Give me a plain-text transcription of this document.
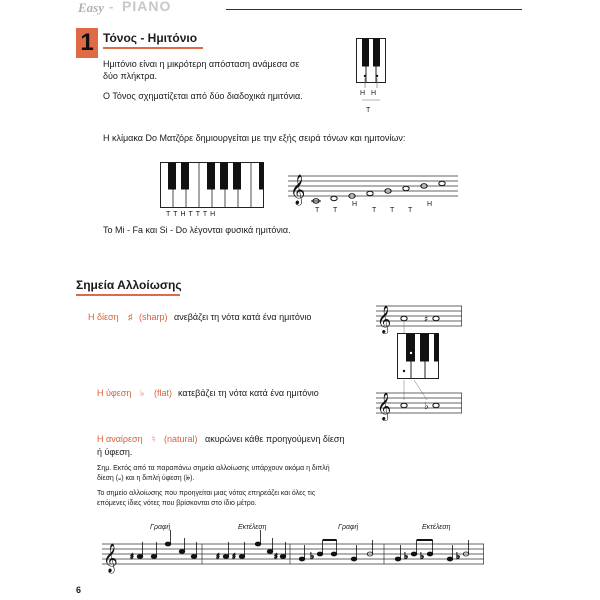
Easy - PIANO
1 Τόνος - Ημιτόνιο
Ημιτόνιο είναι η μικρότερη απόσταση ανάμεσα σε
δύο πλήκτρα.
Ο Τόνος σχηματίζεται από δύο διαδοχικά ημιτόνια.	H H
T
Η κλίμακα Do Ματζόρε δημιουργείται με την εξής σειρά τόνων και ημιτονίων:
T T H T T T H
𝄞
T T
H
T T T
H
Το Mi - Fa και Si - Do λέγονται φυσικά ημιτόνια.
Σημεία Αλλοίωσης
Η δίεση ♯ (sharp) ανεβάζει τη νότα κατά ένα ημιτόνιο	𝄞	♯
Η ύφεση ♭ (flat) κατεβάζει τη νότα κατά ένα ημιτόνιο 𝄞	♭
Η αναίρεση ♮ (natural) ακυρώνει κάθε προηγούμενη δίεση
ή ύφεση.
Σημ. Εκτός από τα παραπάνω σημεία αλλοίωσης υπάρχουν ακόμα η διπλή
δίεση (𝄪) και η διπλή ύφεση (𝄫).
Το σημείο αλλοίωσης που προηγείται μιας νότας επηρεάζει και όλες τις
επόμενες ίδιες νότες που βρίσκονται στο ίδιο μέτρο.
Γραφή	Εκτέλεση	Γραφή	Εκτέλεση
𝄞 ♯	♯ ♯	♯	♭	♭ ♭	♭
6
